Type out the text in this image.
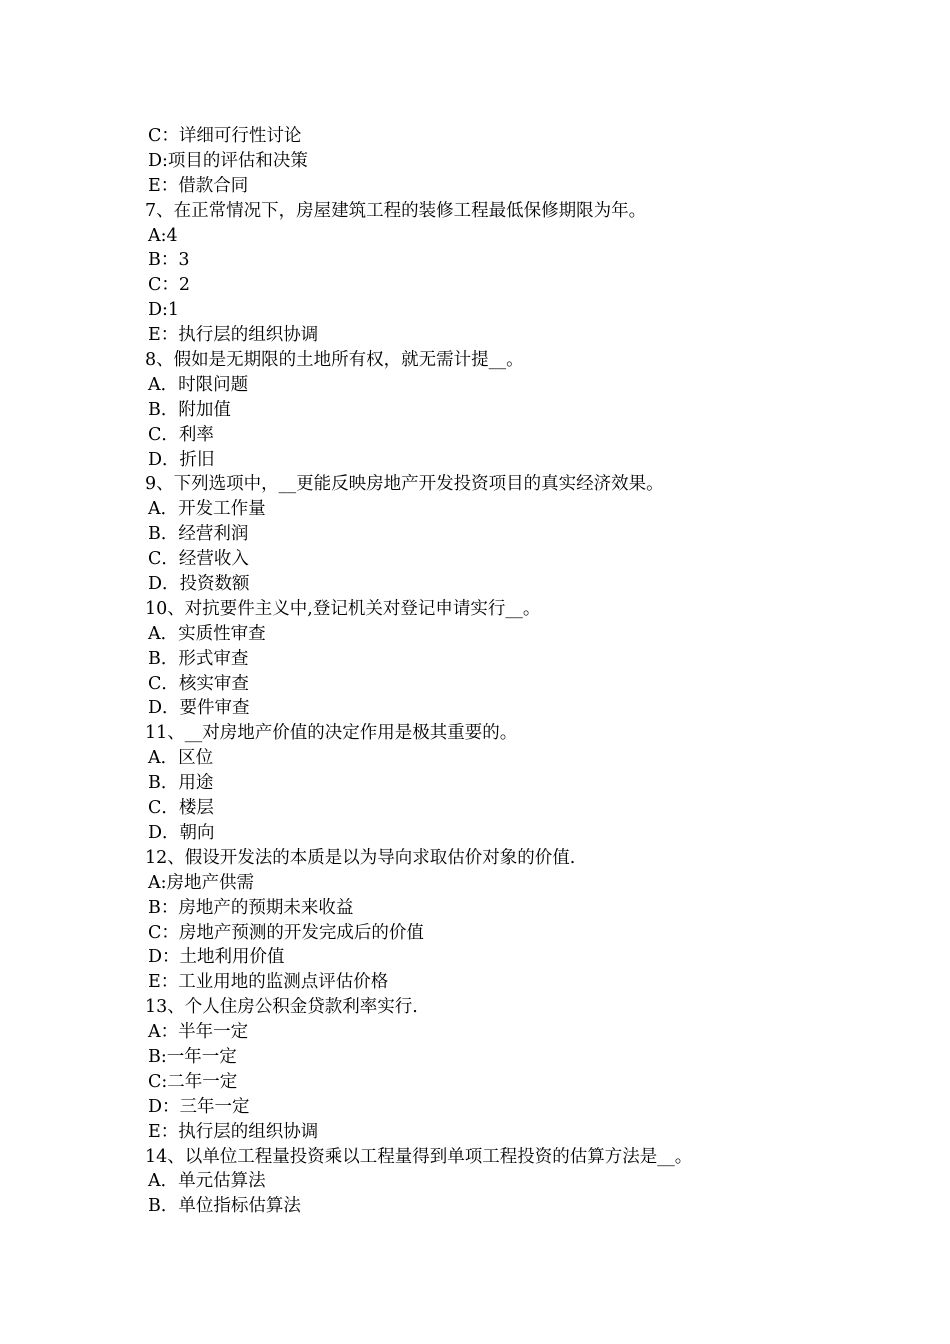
C：详细可行性讨论
D:项目的评估和决策
E：借款合同
7、在正常情况下，房屋建筑工程的装修工程最低保修期限为年。
A:4
B：3
C：2
D:1
E：执行层的组织协调
8、假如是无期限的土地所有权，就无需计提__。
A．时限问题
B．附加值
C．利率
D．折旧
9、下列选项中，__更能反映房地产开发投资项目的真实经济效果。
A．开发工作量
B．经营利润
C．经营收入
D．投资数额
10、对抗要件主义中,登记机关对登记申请实行__。
A．实质性审查
B．形式审查
C．核实审查
D．要件审查
11、__对房地产价值的决定作用是极其重要的。
A．区位
B．用途
C．楼层
D．朝向
12、假设开发法的本质是以为导向求取估价对象的价值.
A:房地产供需
B：房地产的预期未来收益
C：房地产预测的开发完成后的价值
D：土地利用价值
E：工业用地的监测点评估价格
13、个人住房公积金贷款利率实行.
A：半年一定
B:一年一定
C:二年一定
D：三年一定
E：执行层的组织协调
14、以单位工程量投资乘以工程量得到单项工程投资的估算方法是__。
A．单元估算法
B．单位指标估算法
